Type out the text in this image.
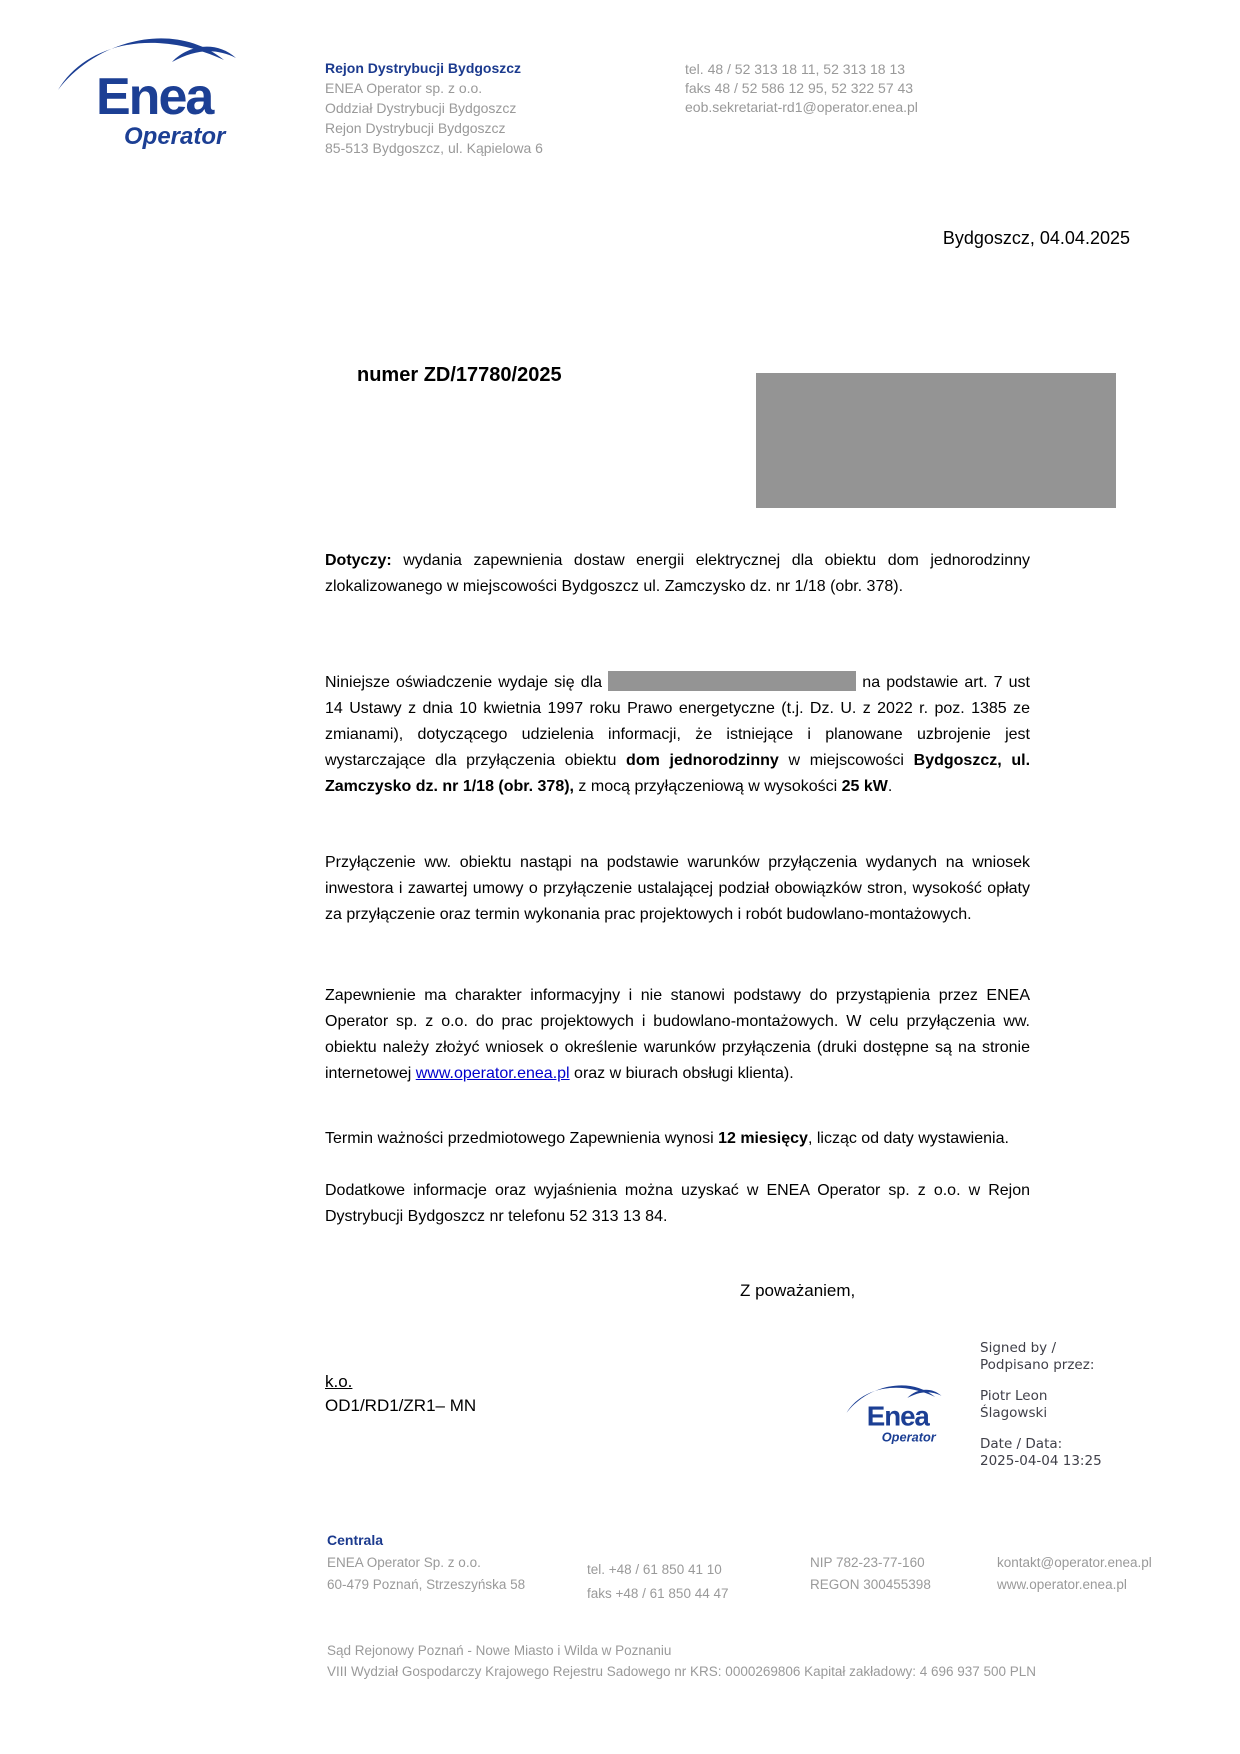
Enea
Operator
Rejon Dystrybucji Bydgoszcz
ENEA Operator sp. z o.o.
Oddział Dystrybucji Bydgoszcz
Rejon Dystrybucji Bydgoszcz
85-513 Bydgoszcz, ul. Kąpielowa 6
tel. 48 / 52 313 18 11, 52 313 18 13
faks 48 / 52 586 12 95, 52 322 57 43
eob.sekretariat-rd1@operator.enea.pl
Bydgoszcz, 04.04.2025
numer ZD/17780/2025
Dotyczy: wydania zapewnienia dostaw energii elektrycznej dla obiektu dom jednorodzinny zlokalizowanego w miejscowości Bydgoszcz ul. Zamczysko dz. nr 1/18 (obr. 378).
Niniejsze oświadczenie wydaje się dla	na podstawie art. 7 ust 14 Ustawy z dnia 10 kwietnia 1997 roku Prawo energetyczne (t.j. Dz. U. z 2022 r. poz. 1385 ze zmianami), dotyczącego udzielenia informacji, że istniejące i planowane uzbrojenie jest wystarczające dla przyłączenia obiektu dom jednorodzinny w miejscowości Bydgoszcz, ul. Zamczysko dz. nr 1/18 (obr. 378), z mocą przyłączeniową w wysokości 25 kW.
Przyłączenie ww. obiektu nastąpi na podstawie warunków przyłączenia wydanych na wniosek inwestora i zawartej umowy o przyłączenie ustalającej podział obowiązków stron, wysokość opłaty za przyłączenie oraz termin wykonania prac projektowych i robót budowlano-montażowych.
Zapewnienie ma charakter informacyjny i nie stanowi podstawy do przystąpienia przez ENEA Operator sp. z o.o. do prac projektowych i budowlano-montażowych. W celu przyłączenia ww. obiektu należy złożyć wniosek o określenie warunków przyłączenia (druki dostępne są na stronie internetowej www.operator.enea.pl oraz w biurach obsługi klienta).
Termin ważności przedmiotowego Zapewnienia wynosi 12 miesięcy, licząc od daty wystawienia.
Dodatkowe informacje oraz wyjaśnienia można uzyskać w ENEA Operator sp. z o.o. w Rejon Dystrybucji Bydgoszcz nr telefonu 52 313 13 84.
Z poważaniem,
k.o.
OD1/RD1/ZR1– MN	Enea
Operator
Signed by /
Podpisano przez:
Piotr Leon
Ślagowski
Date / Data:
2025-04-04 13:25
Centrala
ENEA Operator Sp. z o.o.
60-479 Poznań, Strzeszyńska 58
tel. +48 / 61 850 41 10
faks +48 / 61 850 44 47
NIP 782-23-77-160
REGON 300455398
kontakt@operator.enea.pl
www.operator.enea.pl
Sąd Rejonowy Poznań - Nowe Miasto i Wilda w Poznaniu
VIII Wydział Gospodarczy Krajowego Rejestru Sadowego nr KRS: 0000269806 Kapitał zakładowy: 4 696 937 500 PLN
